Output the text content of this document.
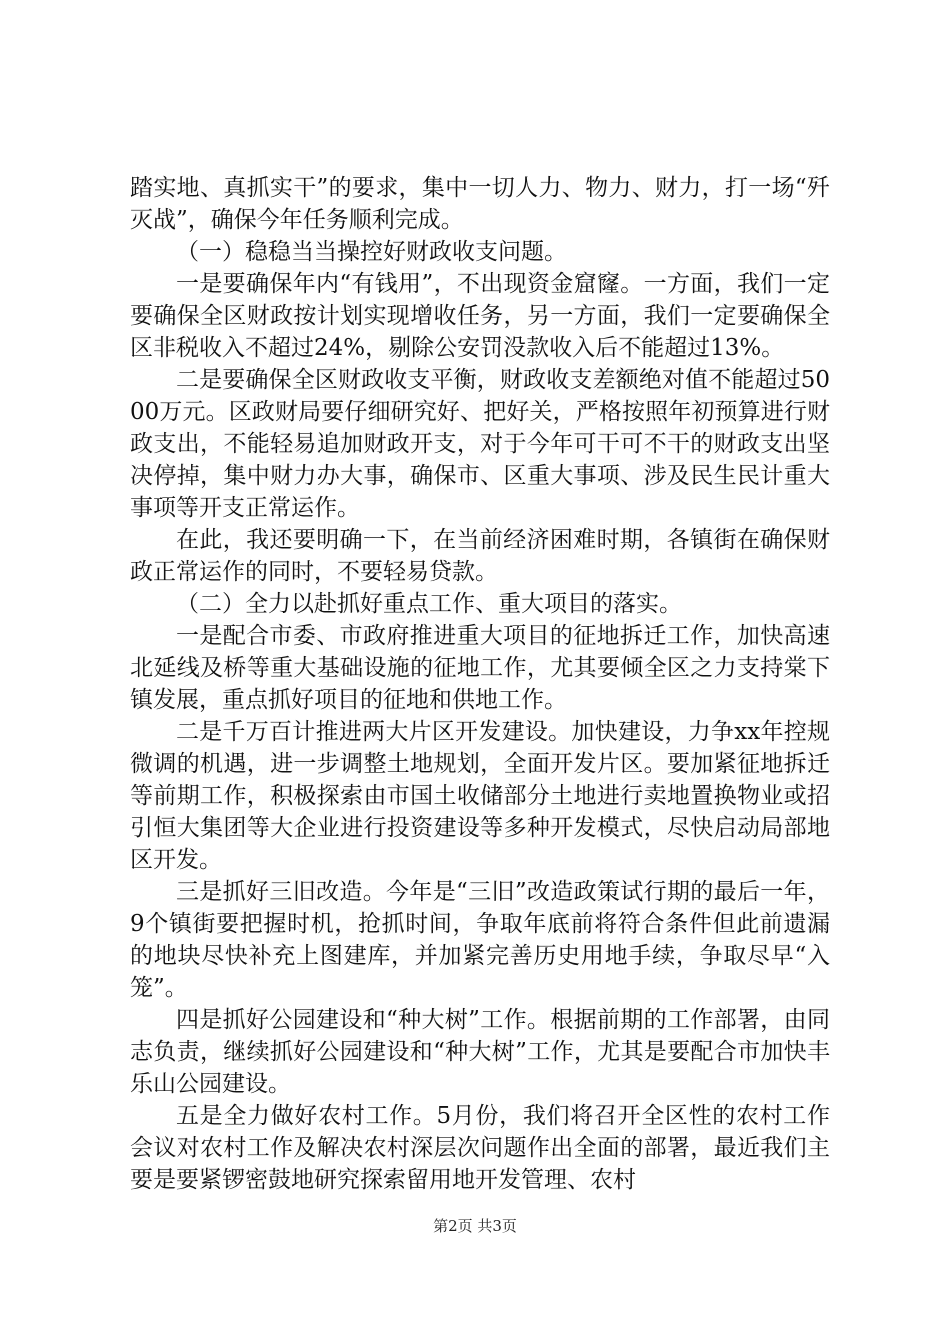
踏实地、真抓实干”的要求，集中一切人力、物力、财力，打一场“歼灭战”，确保今年任务顺利完成。

（一）稳稳当当操控好财政收支问题。

一是要确保年内“有钱用”，不出现资金窟窿。一方面，我们一定要确保全区财政按计划实现增收任务，另一方面，我们一定要确保全区非税收入不超过24%，剔除公安罚没款收入后不能超过13%。

二是要确保全区财政收支平衡，财政收支差额绝对值不能超过5000万元。区政财局要仔细研究好、把好关，严格按照年初预算进行财政支出，不能轻易追加财政开支，对于今年可干可不干的财政支出坚决停掉，集中财力办大事，确保市、区重大事项、涉及民生民计重大事项等开支正常运作。

在此，我还要明确一下，在当前经济困难时期，各镇街在确保财政正常运作的同时，不要轻易贷款。

（二）全力以赴抓好重点工作、重大项目的落实。

一是配合市委、市政府推进重大项目的征地拆迁工作，加快高速北延线及桥等重大基础设施的征地工作，尤其要倾全区之力支持棠下镇发展，重点抓好项目的征地和供地工作。

二是千万百计推进两大片区开发建设。加快建设，力争xx年控规微调的机遇，进一步调整土地规划，全面开发片区。要加紧征地拆迁等前期工作，积极探索由市国土收储部分土地进行卖地置换物业或招引恒大集团等大企业进行投资建设等多种开发模式，尽快启动局部地区开发。

三是抓好三旧改造。今年是“三旧”改造政策试行期的最后一年，9个镇街要把握时机，抢抓时间，争取年底前将符合条件但此前遗漏的地块尽快补充上图建库，并加紧完善历史用地手续，争取尽早“入笼”。

四是抓好公园建设和“种大树”工作。根据前期的工作部署，由同志负责，继续抓好公园建设和“种大树”工作，尤其是要配合市加快丰乐山公园建设。

五是全力做好农村工作。5月份，我们将召开全区性的农村工作会议对农村工作及解决农村深层次问题作出全面的部署，最近我们主要是要紧锣密鼓地研究探索留用地开发管理、农村

第2页 共3页
